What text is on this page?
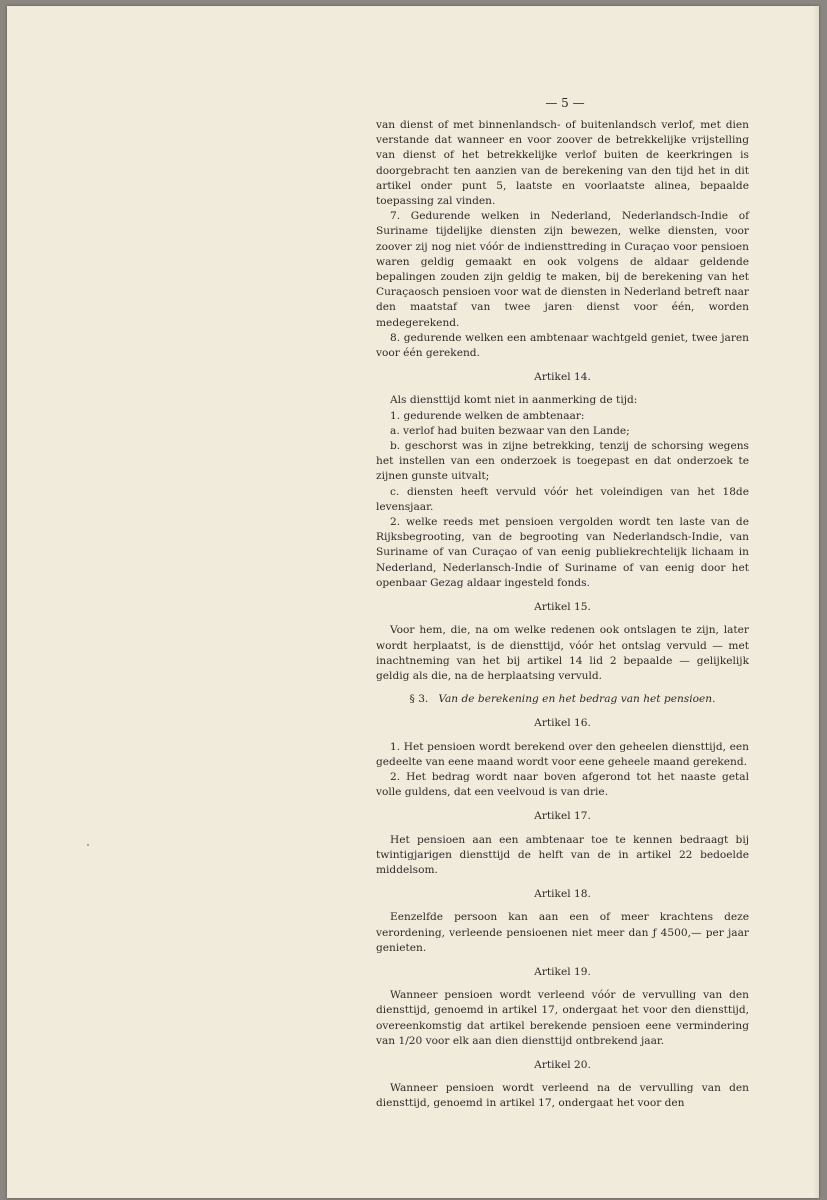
— 5 —

van dienst of met binnenlandsch- of buitenlandsch verlof, met dien verstande dat wanneer en voor zoover de betrekkelijke vrijstelling van dienst of het betrekkelijke verlof buiten de keerkringen is doorgebracht ten aanzien van de berekening van den tijd het in dit artikel onder punt 5, laatste en voorlaatste alinea, bepaalde toepassing zal vinden.

7. Gedurende welken in Nederland, Nederlandsch-Indie of Suriname tijdelijke diensten zijn bewezen, welke diensten, voor zoover zij nog niet vóór de indiensttreding in Curaçao voor pensioen waren geldig gemaakt en ook volgens de aldaar geldende bepalingen zouden zijn geldig te maken, bij de berekening van het Curaçaosch pensioen voor wat de diensten in Nederland betreft naar den maatstaf van twee jaren dienst voor één, worden medegerekend.

8. gedurende welken een ambtenaar wachtgeld geniet, twee jaren voor één gerekend.

Artikel 14.

Als diensttijd komt niet in aanmerking de tijd:

1. gedurende welken de ambtenaar:

a. verlof had buiten bezwaar van den Lande;

b. geschorst was in zijne betrekking, tenzij de schorsing wegens het instellen van een onderzoek is toegepast en dat onderzoek te zijnen gunste uitvalt;

c. diensten heeft vervuld vóór het voleindigen van het 18de levensjaar.

2. welke reeds met pensioen vergolden wordt ten laste van de Rijksbegrooting, van de begrooting van Nederlandsch-Indie, van Suriname of van Curaçao of van eenig publiekrechtelijk lichaam in Nederland, Nederlansch-Indie of Suriname of van eenig door het openbaar Gezag aldaar ingesteld fonds.

Artikel 15.

Voor hem, die, na om welke redenen ook ontslagen te zijn, later wordt herplaatst, is de diensttijd, vóór het ontslag vervuld — met inachtneming van het bij artikel 14 lid 2 bepaalde — gelijkelijk geldig als die, na de herplaatsing vervuld.

§ 3. Van de berekening en het bedrag van het pensioen.

Artikel 16.

1. Het pensioen wordt berekend over den geheelen diensttijd, een gedeelte van eene maand wordt voor eene geheele maand gerekend.

2. Het bedrag wordt naar boven afgerond tot het naaste getal volle guldens, dat een veelvoud is van drie.

Artikel 17.

Het pensioen aan een ambtenaar toe te kennen bedraagt bij twintigjarigen diensttijd de helft van de in artikel 22 bedoelde middelsom.

Artikel 18.

Eenzelfde persoon kan aan een of meer krachtens deze verordening, verleende pensioenen niet meer dan ƒ 4500,— per jaar genieten.

Artikel 19.

Wanneer pensioen wordt verleend vóór de vervulling van den diensttijd, genoemd in artikel 17, ondergaat het voor den diensttijd, overeenkomstig dat artikel berekende pensioen eene vermindering van 1/20 voor elk aan dien diensttijd ontbrekend jaar.

Artikel 20.

Wanneer pensioen wordt verleend na de vervulling van den diensttijd, genoemd in artikel 17, ondergaat het voor den
